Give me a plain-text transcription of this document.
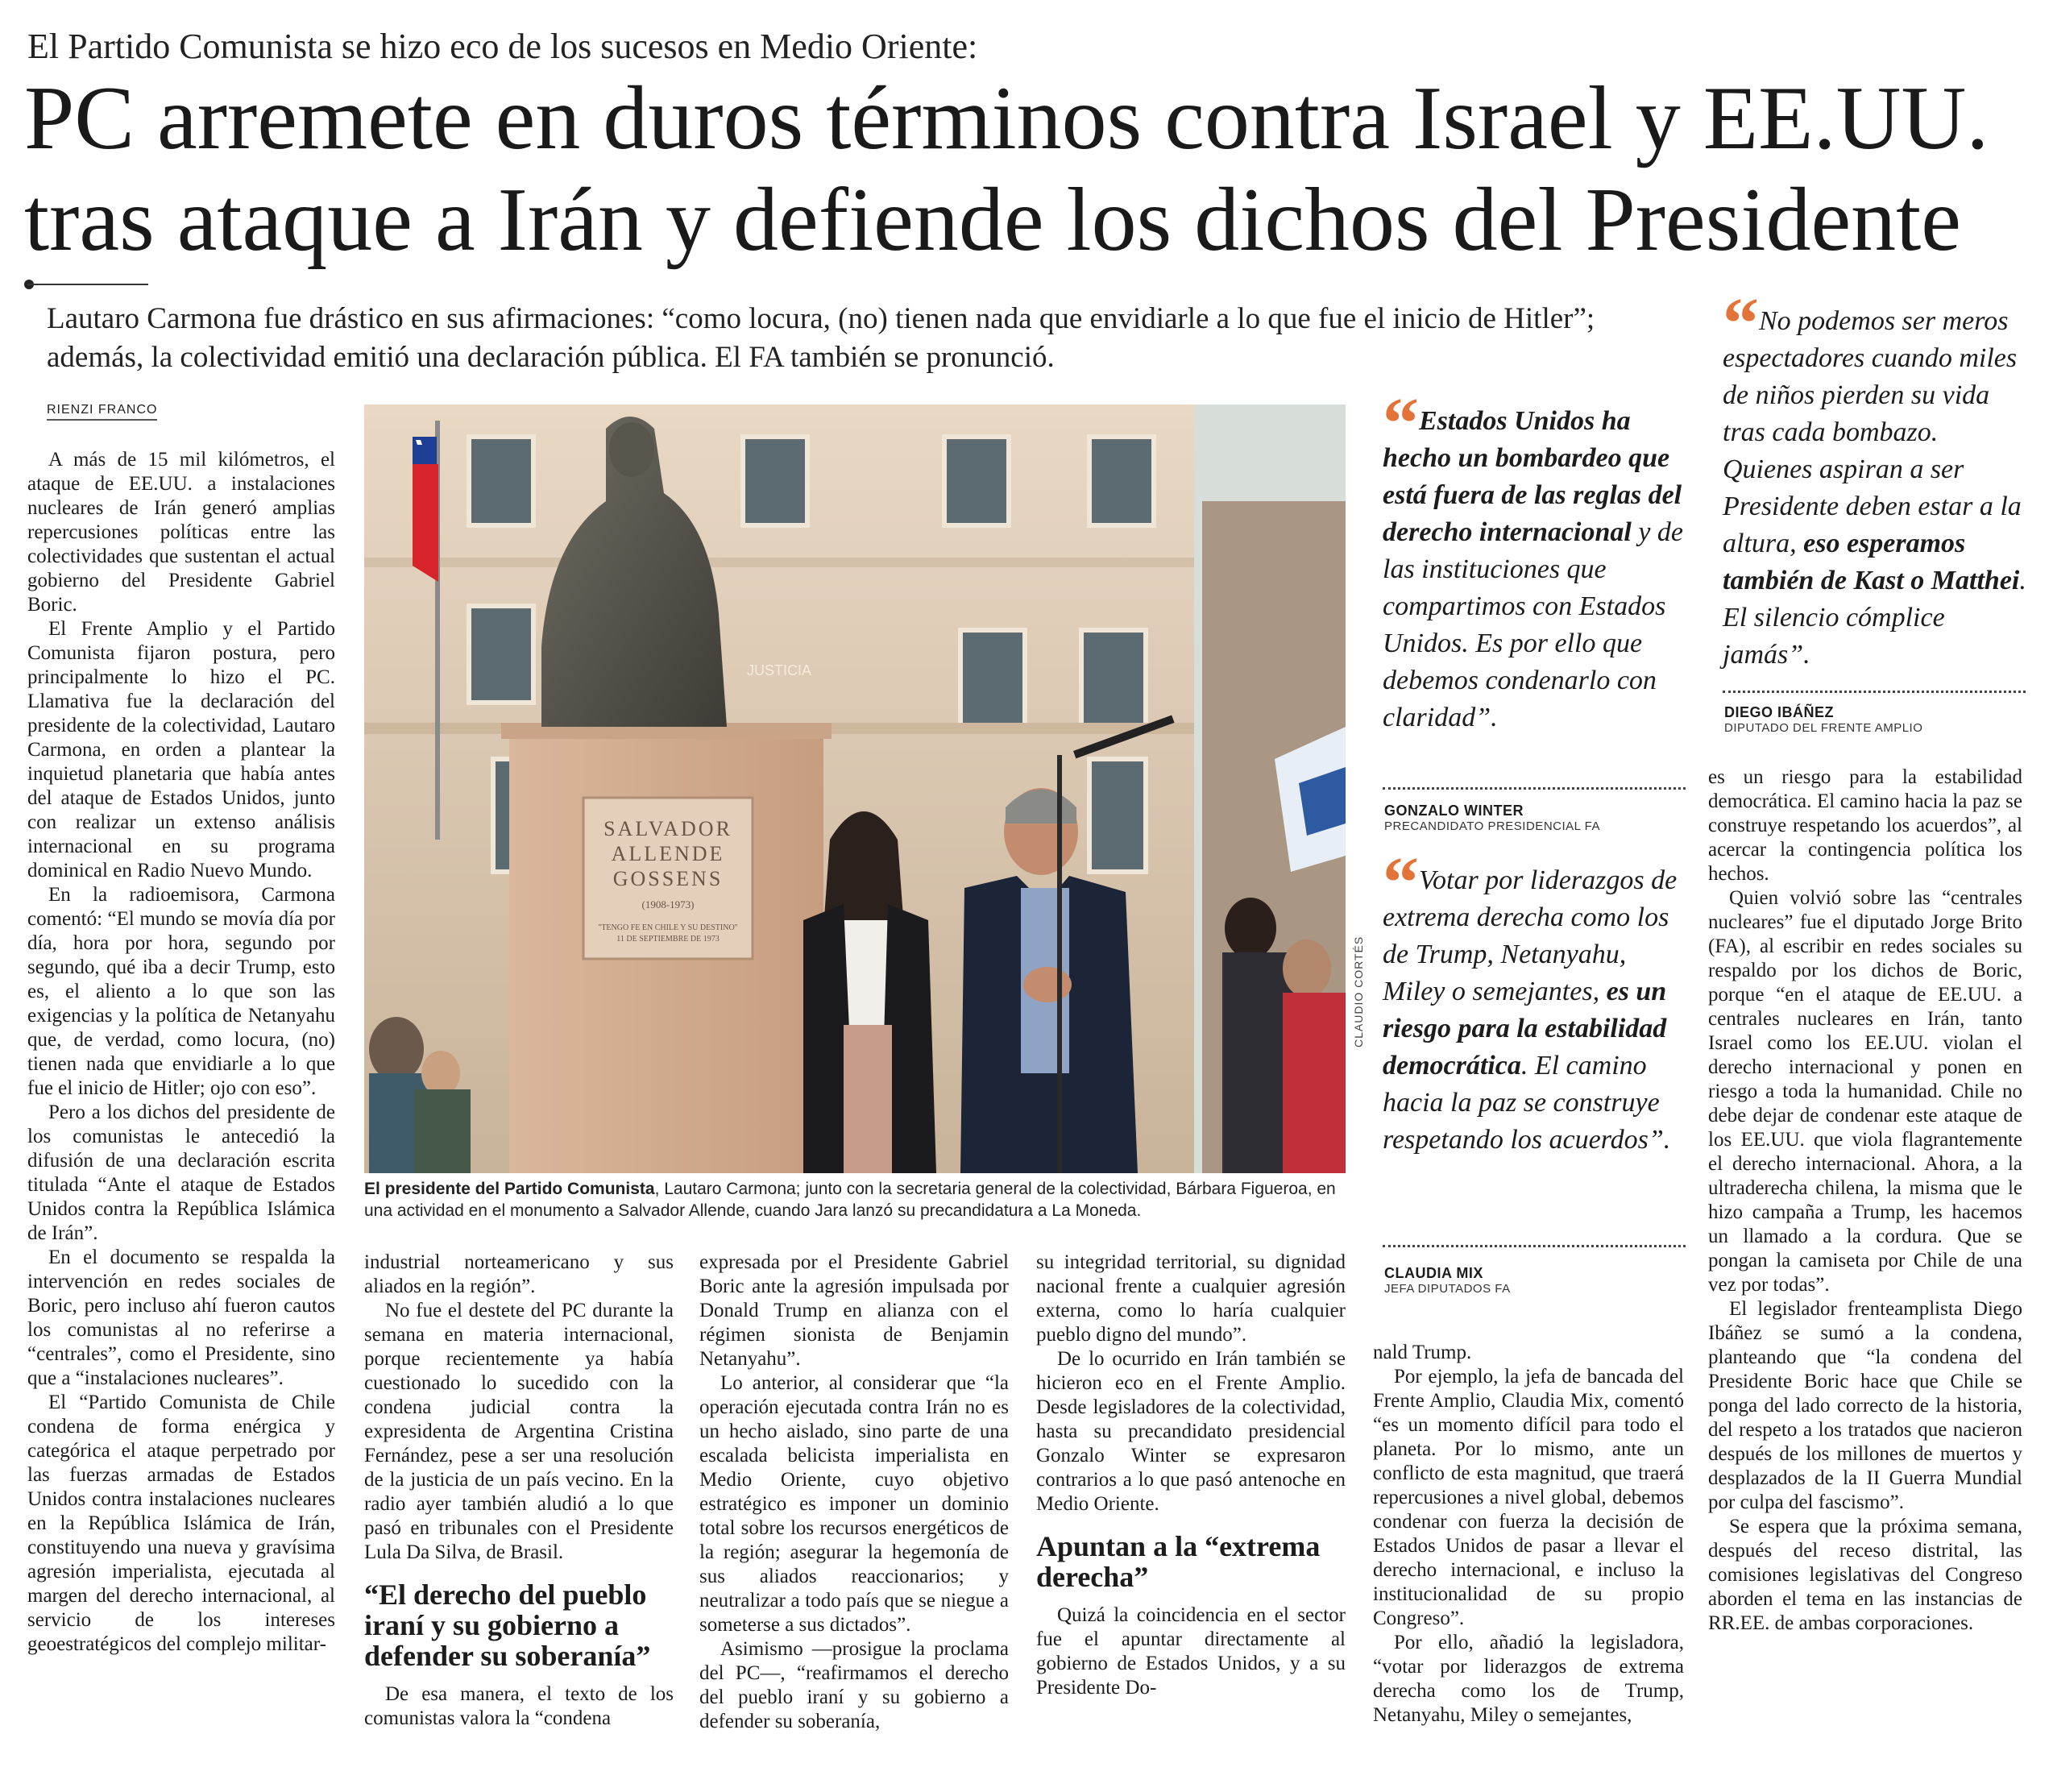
El Partido Comunista se hizo eco de los sucesos en Medio Oriente:
PC arremete en duros términos contra Israel y EE.UU.
tras ataque a Irán y defiende los dichos del Presidente
Lautaro Carmona fue drástico en sus afirmaciones: “como locura, (no) tienen nada que envidiarle a lo que fue el inicio de Hitler”; además, la colectividad emitió una declaración pública. El FA también se pronunció.
RIENZI FRANCO

A más de 15 mil kilómetros, el ataque de EE.UU. a instalaciones nucleares de Irán generó amplias repercusiones políticas entre las colectividades que sustentan el actual gobierno del Presidente Gabriel Boric.

El Frente Amplio y el Partido Comunista fijaron postura, pero principalmente lo hizo el PC. Llamativa fue la declaración del presidente de la colectividad, Lautaro Carmona, en orden a plantear la inquietud planetaria que había antes del ataque de Estados Unidos, junto con realizar un extenso análisis internacional en su programa dominical en Radio Nuevo Mundo.

En la radioemisora, Carmona comentó: “El mundo se movía día por día, hora por hora, segundo por segundo, qué iba a decir Trump, esto es, el aliento a lo que son las exigencias y la política de Netanyahu que, de verdad, como locura, (no) tienen nada que envidiarle a lo que fue el inicio de Hitler; ojo con eso”.

Pero a los dichos del presidente de los comunistas le antecedió la difusión de una declaración escrita titulada “Ante el ataque de Estados Unidos contra la República Islámica de Irán”.

En el documento se respalda la intervención en redes sociales de Boric, pero incluso ahí fueron cautos los comunistas al no referirse a “centrales”, como el Presidente, sino que a “instalaciones nucleares”.

El “Partido Comunista de Chile condena de forma enérgica y categórica el ataque perpetrado por las fuerzas armadas de Estados Unidos contra instalaciones nucleares en la República Islámica de Irán, constituyendo una nueva y gravísima agresión imperialista, ejecutada al margen del derecho internacional, al servicio de los intereses geoestratégicos del complejo militar-

SALVADOR
ALLENDE
GOSSENS
(1908-1973)
"TENGO FE EN CHILE Y SU DESTINO"
11 DE SEPTIEMBRE DE 1973
JUSTICIA
CLAUDIO CORTÉS
El presidente del Partido Comunista, Lautaro Carmona; junto con la secretaria general de la colectividad, Bárbara Figueroa, en una actividad en el monumento a Salvador Allende, cuando Jara lanzó su precandidatura a La Moneda.

industrial norteamericano y sus aliados en la región”.

No fue el destete del PC durante la semana en materia internacional, porque recientemente ya había cuestionado lo sucedido con la condena judicial contra la expresidenta de Argentina Cristina Fernández, pese a ser una resolución de la justicia de un país vecino. En la radio ayer también aludió a lo que pasó en tribunales con el Presidente Lula Da Silva, de Brasil.

“El derecho del pueblo iraní y su gobierno a defender su soberanía”

De esa manera, el texto de los comunistas valora la “condena

expresada por el Presidente Gabriel Boric ante la agresión impulsada por Donald Trump en alianza con el régimen sionista de Benjamin Netanyahu”.

Lo anterior, al considerar que “la operación ejecutada contra Irán no es un hecho aislado, sino parte de una escalada belicista imperialista en Medio Oriente, cuyo objetivo estratégico es imponer un dominio total sobre los recursos energéticos de la región; asegurar la hegemonía de sus aliados reaccionarios; y neutralizar a todo país que se niegue a someterse a sus dictados”.

Asimismo —prosigue la proclama del PC—, “reafirmamos el derecho del pueblo iraní y su gobierno a defender su soberanía,

su integridad territorial, su dignidad nacional frente a cualquier agresión externa, como lo haría cualquier pueblo digno del mundo”.

De lo ocurrido en Irán también se hicieron eco en el Frente Amplio. Desde legisladores de la colectividad, hasta su precandidato presidencial Gonzalo Winter se expresaron contrarios a lo que pasó antenoche en Medio Oriente.

Apuntan a la “extrema derecha”

Quizá la coincidencia en el sector fue el apuntar directamente al gobierno de Estados Unidos, y a su Presidente Do-

nald Trump.

Por ejemplo, la jefa de bancada del Frente Amplio, Claudia Mix, comentó “es un momento difícil para todo el planeta. Por lo mismo, ante un conflicto de esta magnitud, que traerá repercusiones a nivel global, debemos condenar con fuerza la decisión de Estados Unidos de pasar a llevar el derecho internacional, e incluso la institucionalidad de su propio Congreso”.

Por ello, añadió la legisladora, “votar por liderazgos de extrema derecha como los de Trump, Netanyahu, Miley o semejantes,

es un riesgo para la estabilidad democrática. El camino hacia la paz se construye respetando los acuerdos”, al acercar la contingencia política los hechos.

Quien volvió sobre las “centrales nucleares” fue el diputado Jorge Brito (FA), al escribir en redes sociales su respaldo por los dichos de Boric, porque “en el ataque de EE.UU. a centrales nucleares en Irán, tanto Israel como los EE.UU. violan el derecho internacional y ponen en riesgo a toda la humanidad. Chile no debe dejar de condenar este ataque de los EE.UU. que viola flagrantemente el derecho internacional. Ahora, a la ultraderecha chilena, la misma que le hizo campaña a Trump, les hacemos un llamado a la cordura. Que se pongan la camiseta por Chile de una vez por todas”.

El legislador frenteamplista Diego Ibáñez se sumó a la condena, planteando que “la condena del Presidente Boric hace que Chile se ponga del lado correcto de la historia, del respeto a los tratados que nacieron después de los millones de muertos y desplazados de la II Guerra Mundial por culpa del fascismo”.

Se espera que la próxima semana, después del receso distrital, las comisiones legislativas del Congreso aborden el tema en las instancias de RR.EE. de ambas corporaciones.

“ Estados Unidos ha hecho un bombardeo que está fuera de las reglas del derecho internacional y de las instituciones que compartimos con Estados Unidos. Es por ello que debemos condenarlo con claridad”.
GONZALO WINTER
PRECANDIDATO PRESIDENCIAL FA
“ Votar por liderazgos de extrema derecha como los de Trump, Netanyahu, Miley o semejantes, es un riesgo para la estabilidad democrática. El camino hacia la paz se construye respetando los acuerdos”.
CLAUDIA MIX
JEFA DIPUTADOS FA
“ No podemos ser meros espectadores cuando miles de niños pierden su vida tras cada bombazo. Quienes aspiran a ser Presidente deben estar a la altura, eso esperamos también de Kast o Matthei. El silencio cómplice jamás”.
DIEGO IBÁÑEZ
DIPUTADO DEL FRENTE AMPLIO
